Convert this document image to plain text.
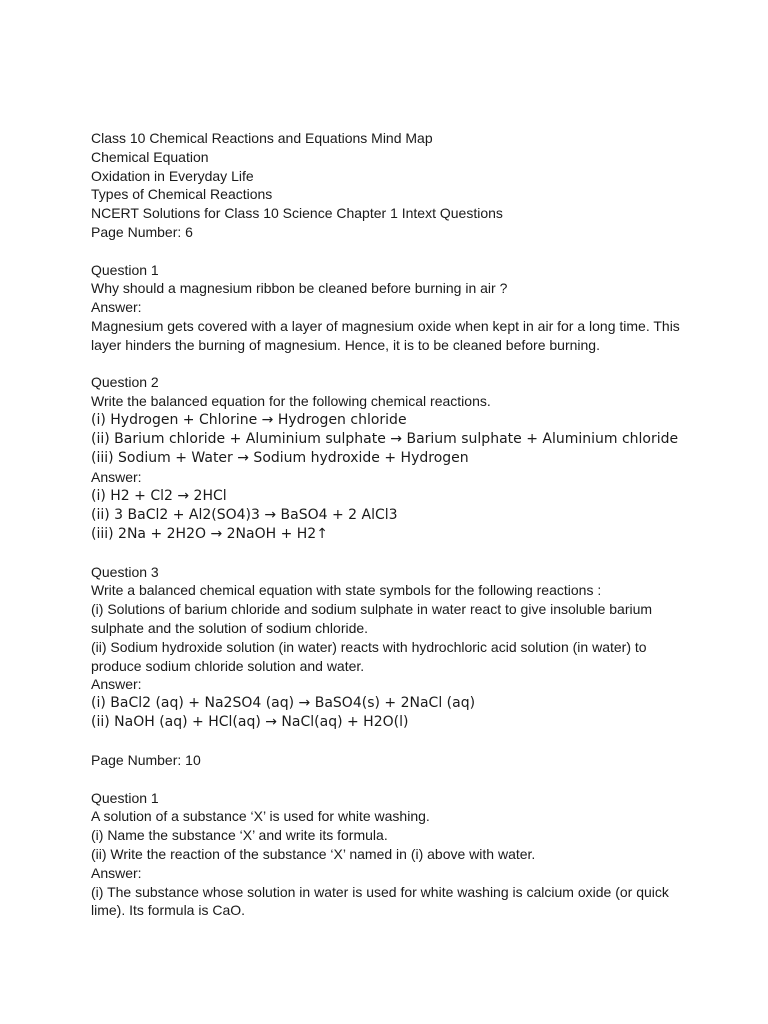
Class 10 Chemical Reactions and Equations Mind Map
Chemical Equation
Oxidation in Everyday Life
Types of Chemical Reactions
NCERT Solutions for Class 10 Science Chapter 1 Intext Questions
Page Number: 6
Question 1
Why should a magnesium ribbon be cleaned before burning in air ?
Answer:
Magnesium gets covered with a layer of magnesium oxide when kept in air for a long time. This layer hinders the burning of magnesium. Hence, it is to be cleaned before burning.
Question 2
Write the balanced equation for the following chemical reactions.
(i) Hydrogen + Chlorine → Hydrogen chloride
(ii) Barium chloride + Aluminium sulphate → Barium sulphate + Aluminium chloride
(iii) Sodium + Water → Sodium hydroxide + Hydrogen
Answer:
(i) H2 + Cl2 → 2HCl
(ii) 3 BaCl2 + Al2(SO4)3 → BaSO4 + 2 AlCl3
(iii) 2Na + 2H2O → 2NaOH + H2↑
Question 3
Write a balanced chemical equation with state symbols for the following reactions :
(i) Solutions of barium chloride and sodium sulphate in water react to give insoluble barium sulphate and the solution of sodium chloride.
(ii) Sodium hydroxide solution (in water) reacts with hydrochloric acid solution (in water) to produce sodium chloride solution and water.
Answer:
(i) BaCl2 (aq) + Na2SO4 (aq) → BaSO4(s) + 2NaCl (aq)
(ii) NaOH (aq) + HCl(aq) → NaCl(aq) + H2O(l)
Page Number: 10
Question 1
A solution of a substance ‘X’ is used for white washing.
(i) Name the substance ‘X’ and write its formula.
(ii) Write the reaction of the substance ‘X’ named in (i) above with water.
Answer:
(i) The substance whose solution in water is used for white washing is calcium oxide (or quick lime). Its formula is CaO.
